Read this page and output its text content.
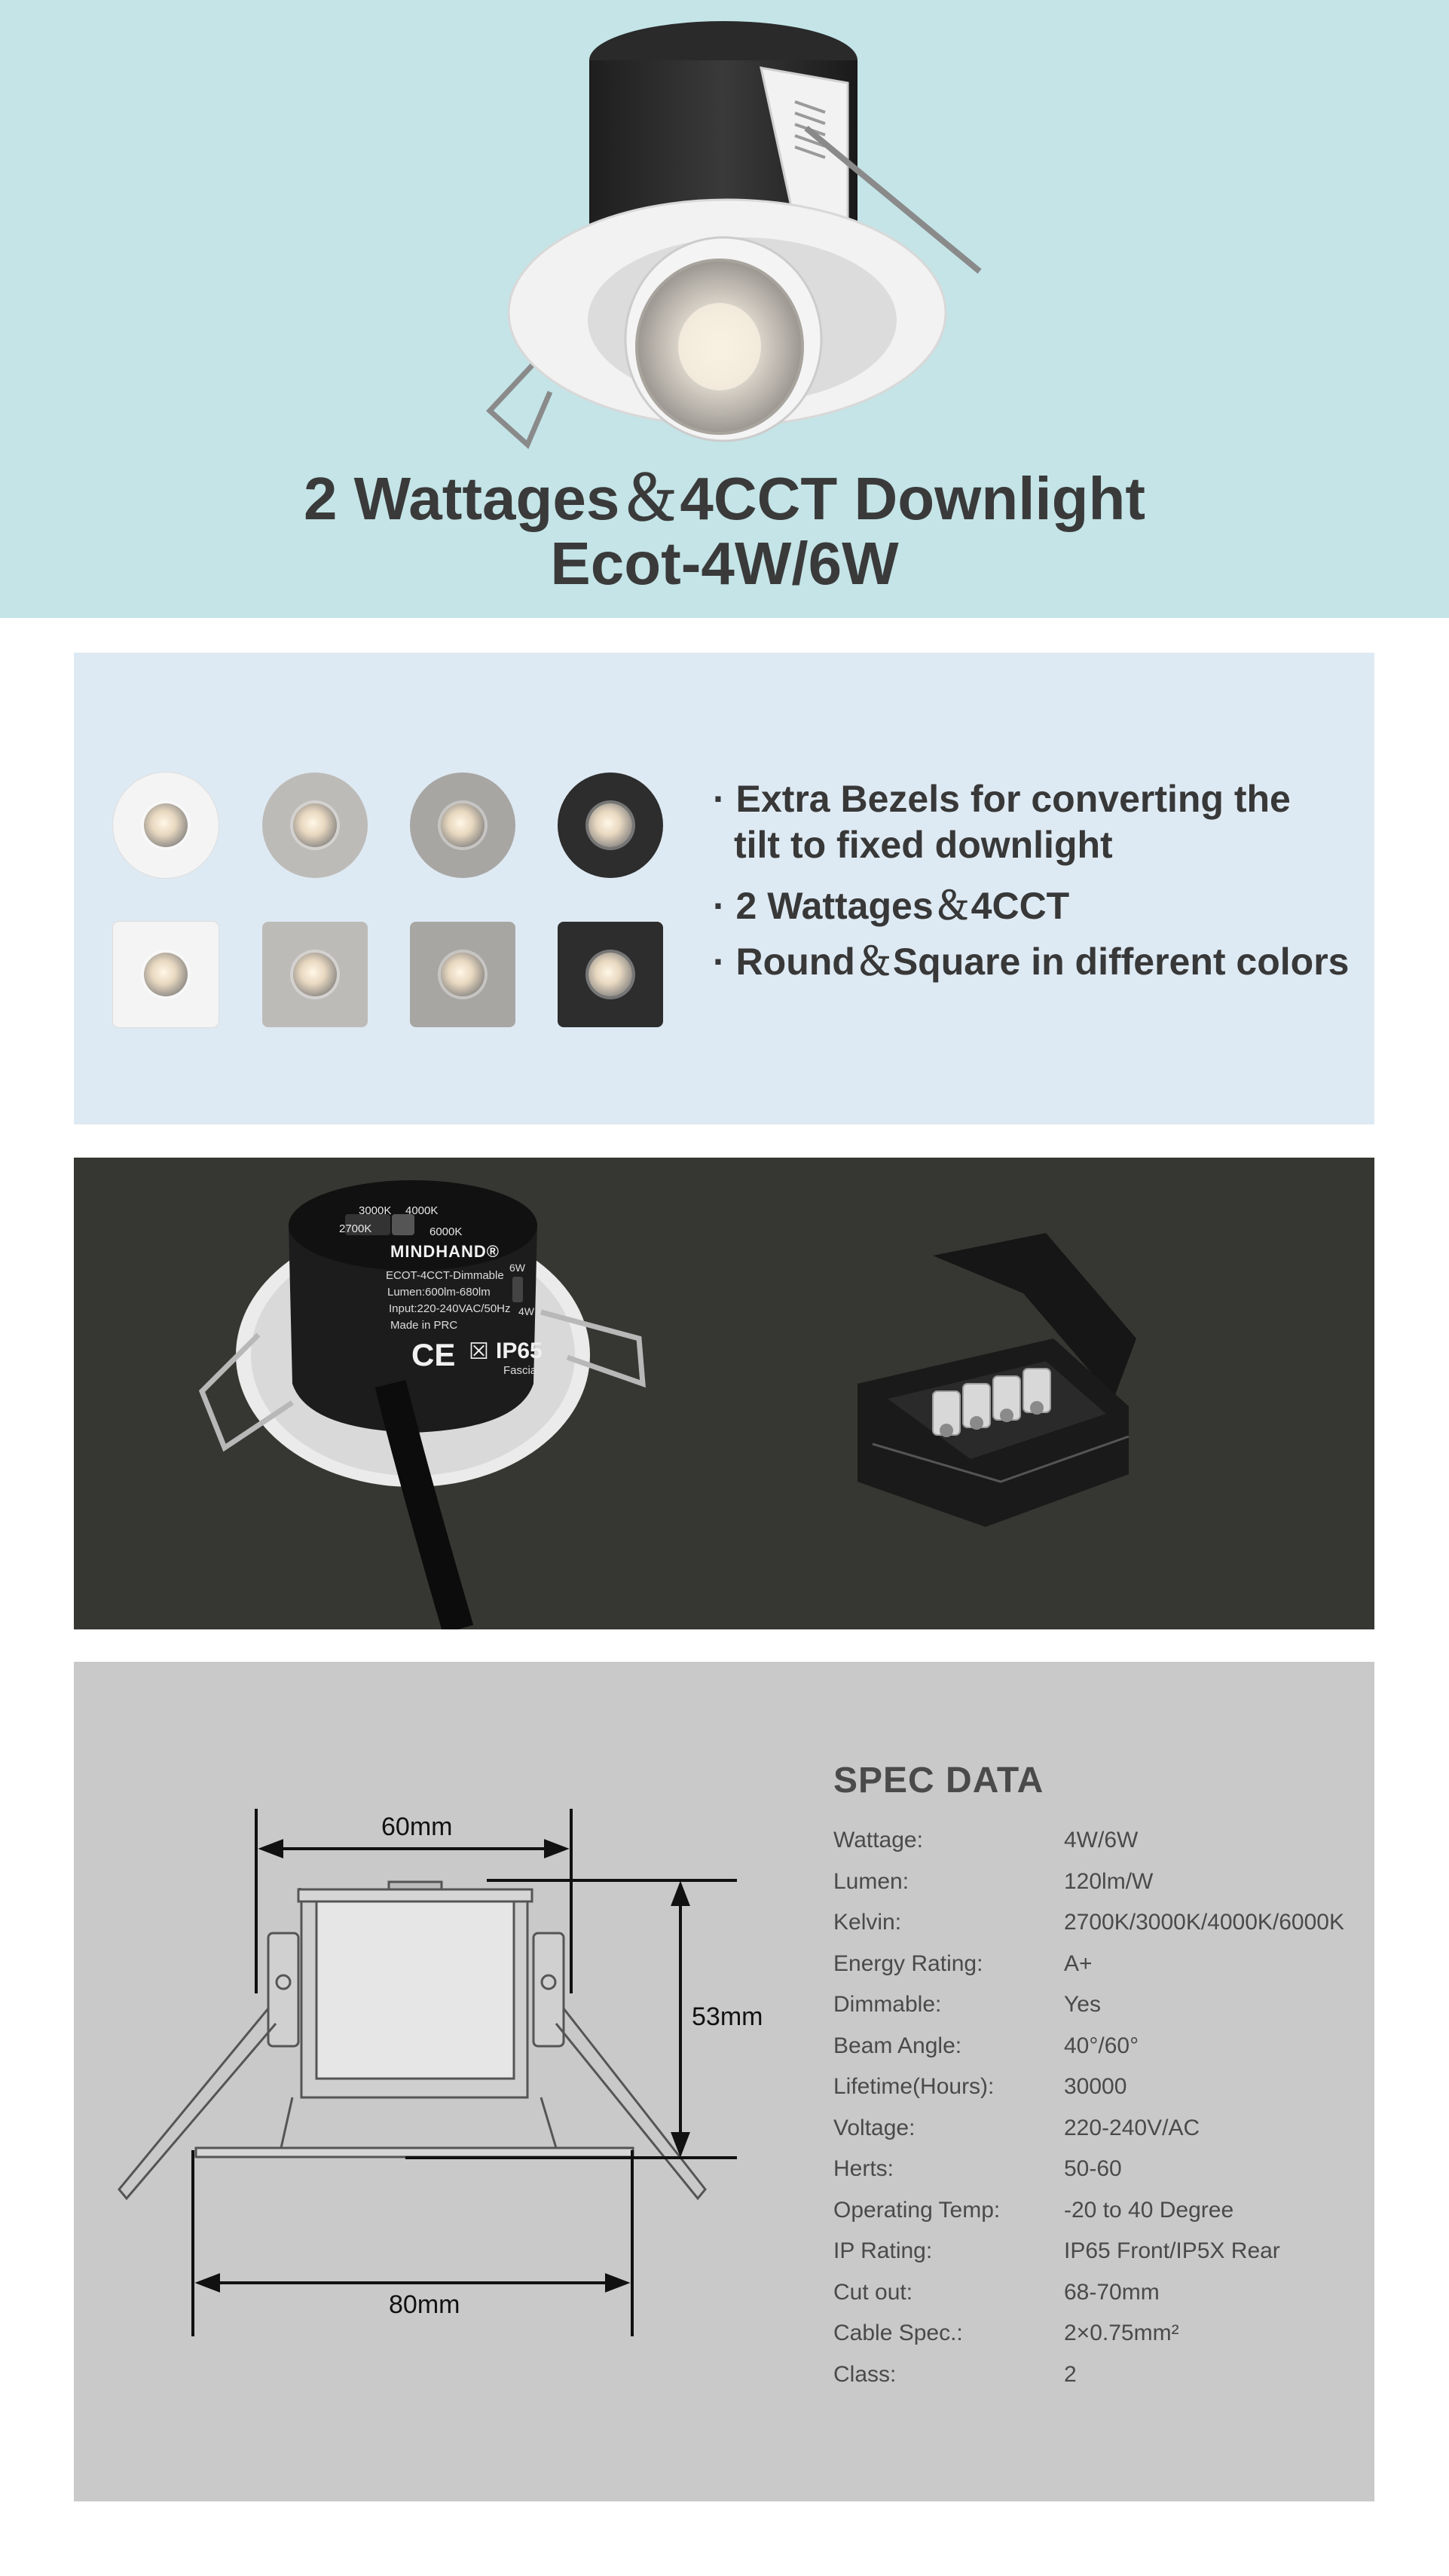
2 Wattages＆4CCT Downlight
Ecot-4W/6W
· Extra Bezels for converting the
tilt to fixed downlight
· 2 Wattages＆4CCT
· Round＆Square in different colors
3000K 4000K
2700K	6000K
MINDHAND®
ECOT-4CCT-Dimmable
Lumen:600lm-680lm
Input:220-240VAC/50Hz
Made in PRC
6W
4W
CE ☒ IP65
Fascia
60mm
53mm
80mm
SPEC DATA
Wattage:	4W/6W
Lumen:	120lm/W
Kelvin:	2700K/3000K/4000K/6000K
Energy Rating:	A+
Dimmable:	Yes
Beam Angle:	40°/60°
Lifetime(Hours):	30000
Voltage:	220-240V/AC
Herts:	50-60
Operating Temp:	-20 to 40 Degree
IP Rating:	IP65 Front/IP5X Rear
Cut out:	68-70mm
Cable Spec.:	2×0.75mm²
Class:	2
